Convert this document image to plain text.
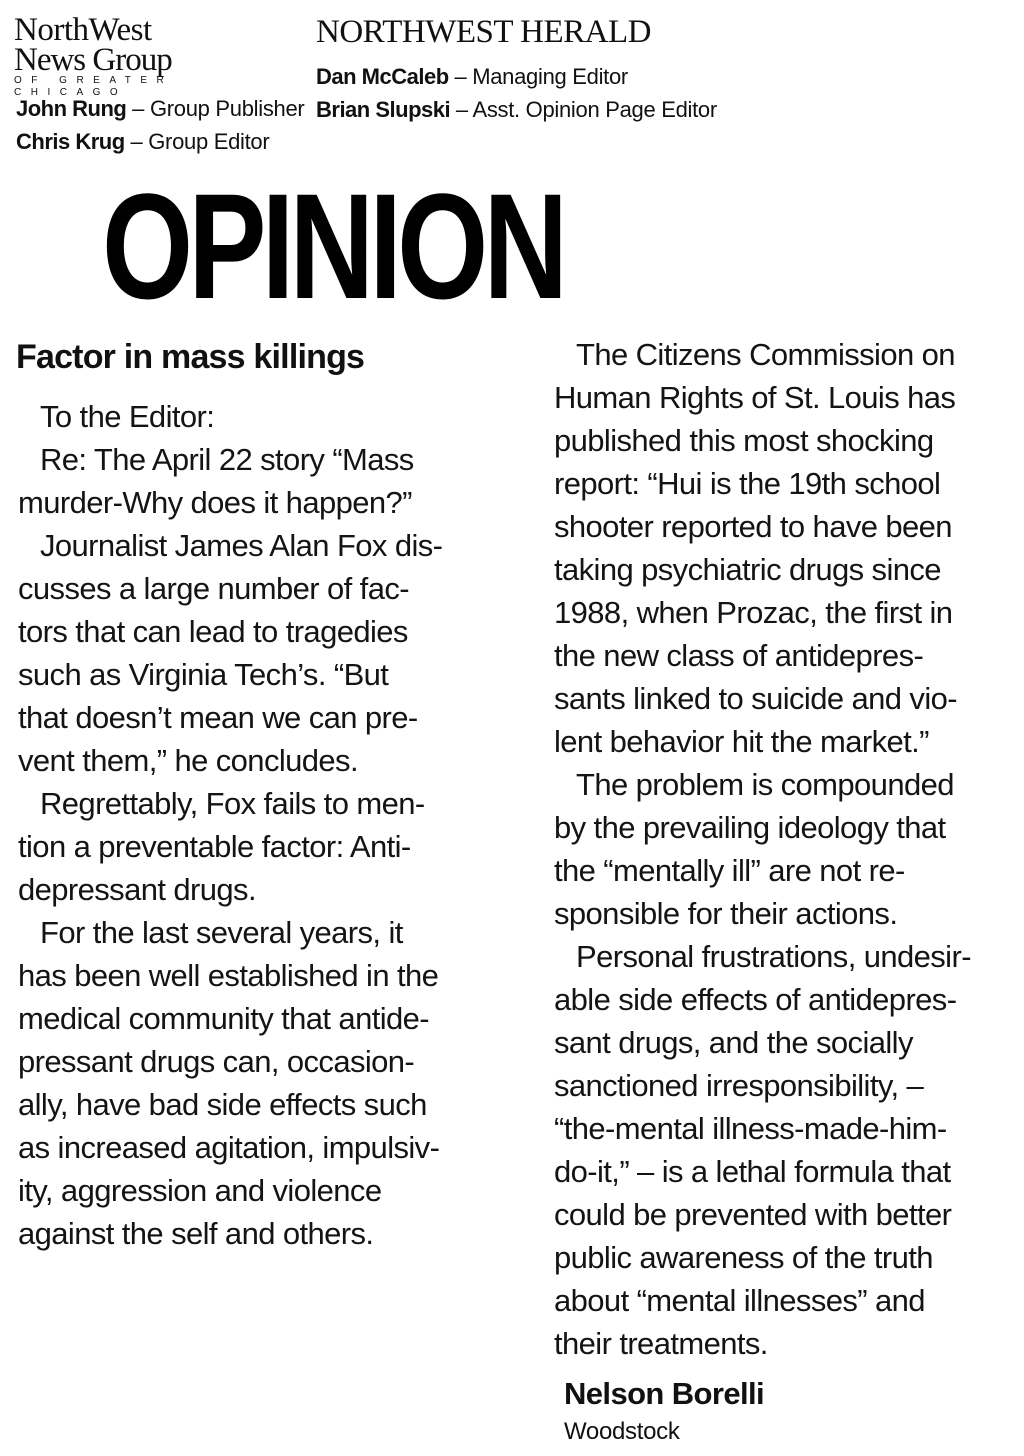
NorthWest
News Group
OF GREATER CHICAGO
NORTHWEST HERALD
John Rung – Group Publisher
Chris Krug – Group Editor
Dan McCaleb – Managing Editor
Brian Slupski – Asst. Opinion Page Editor
OPINION
Factor in mass killings
To the Editor:
Re: The April 22 story “Mass
murder-Why does it happen?”
Journalist James Alan Fox dis-
cusses a large number of fac-
tors that can lead to tragedies
such as Virginia Tech’s. “But
that doesn’t mean we can pre-
vent them,” he concludes.
Regrettably, Fox fails to men-
tion a preventable factor: Anti-
depressant drugs.
For the last several years, it
has been well established in the
medical community that antide-
pressant drugs can, occasion-
ally, have bad side effects such
as increased agitation, impulsiv-
ity, aggression and violence
against the self and others.
The Citizens Commission on
Human Rights of St. Louis has
published this most shocking
report: “Hui is the 19th school
shooter reported to have been
taking psychiatric drugs since
1988, when Prozac, the first in
the new class of antidepres-
sants linked to suicide and vio-
lent behavior hit the market.”
The problem is compounded
by the prevailing ideology that
the “mentally ill” are not re-
sponsible for their actions.
Personal frustrations, undesir-
able side effects of antidepres-
sant drugs, and the socially
sanctioned irresponsibility, –
“the-mental illness-made-him-
do-it,” – is a lethal formula that
could be prevented with better
public awareness of the truth
about “mental illnesses” and
their treatments.
Nelson Borelli
Woodstock
